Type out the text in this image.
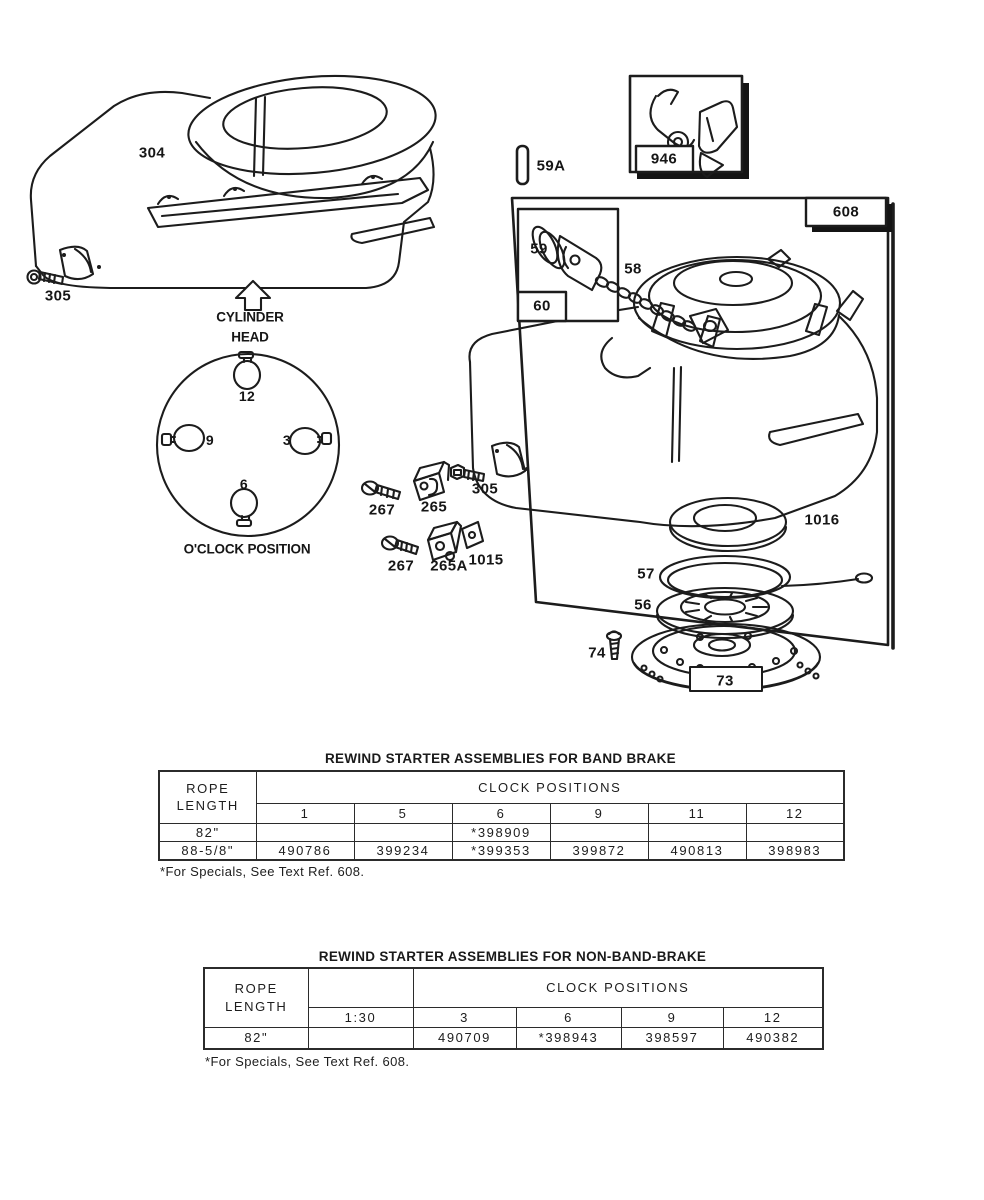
304
305
CYLINDER
HEAD
12
9	3
6
O'CLOCK POSITION
59A	946
608
59
58
60
267 265
305
267 265A 1015
1016
57
56
74
73
REWIND STARTER ASSEMBLIES FOR BAND BRAKE
ROPE LENGTH	CLOCK POSITIONS					
	1	5	6	9	11	12
82"			*398909			
88-5/8"	490786	399234	*399353	399872	490813	398983
*For Specials, See Text Ref. 608.
REWIND STARTER ASSEMBLIES FOR NON-BAND-BRAKE
ROPE LENGTH		CLOCK POSITIONS			
	1:30	3	6	9	12
82"		490709	*398943	398597	490382
*For Specials, See Text Ref. 608.
